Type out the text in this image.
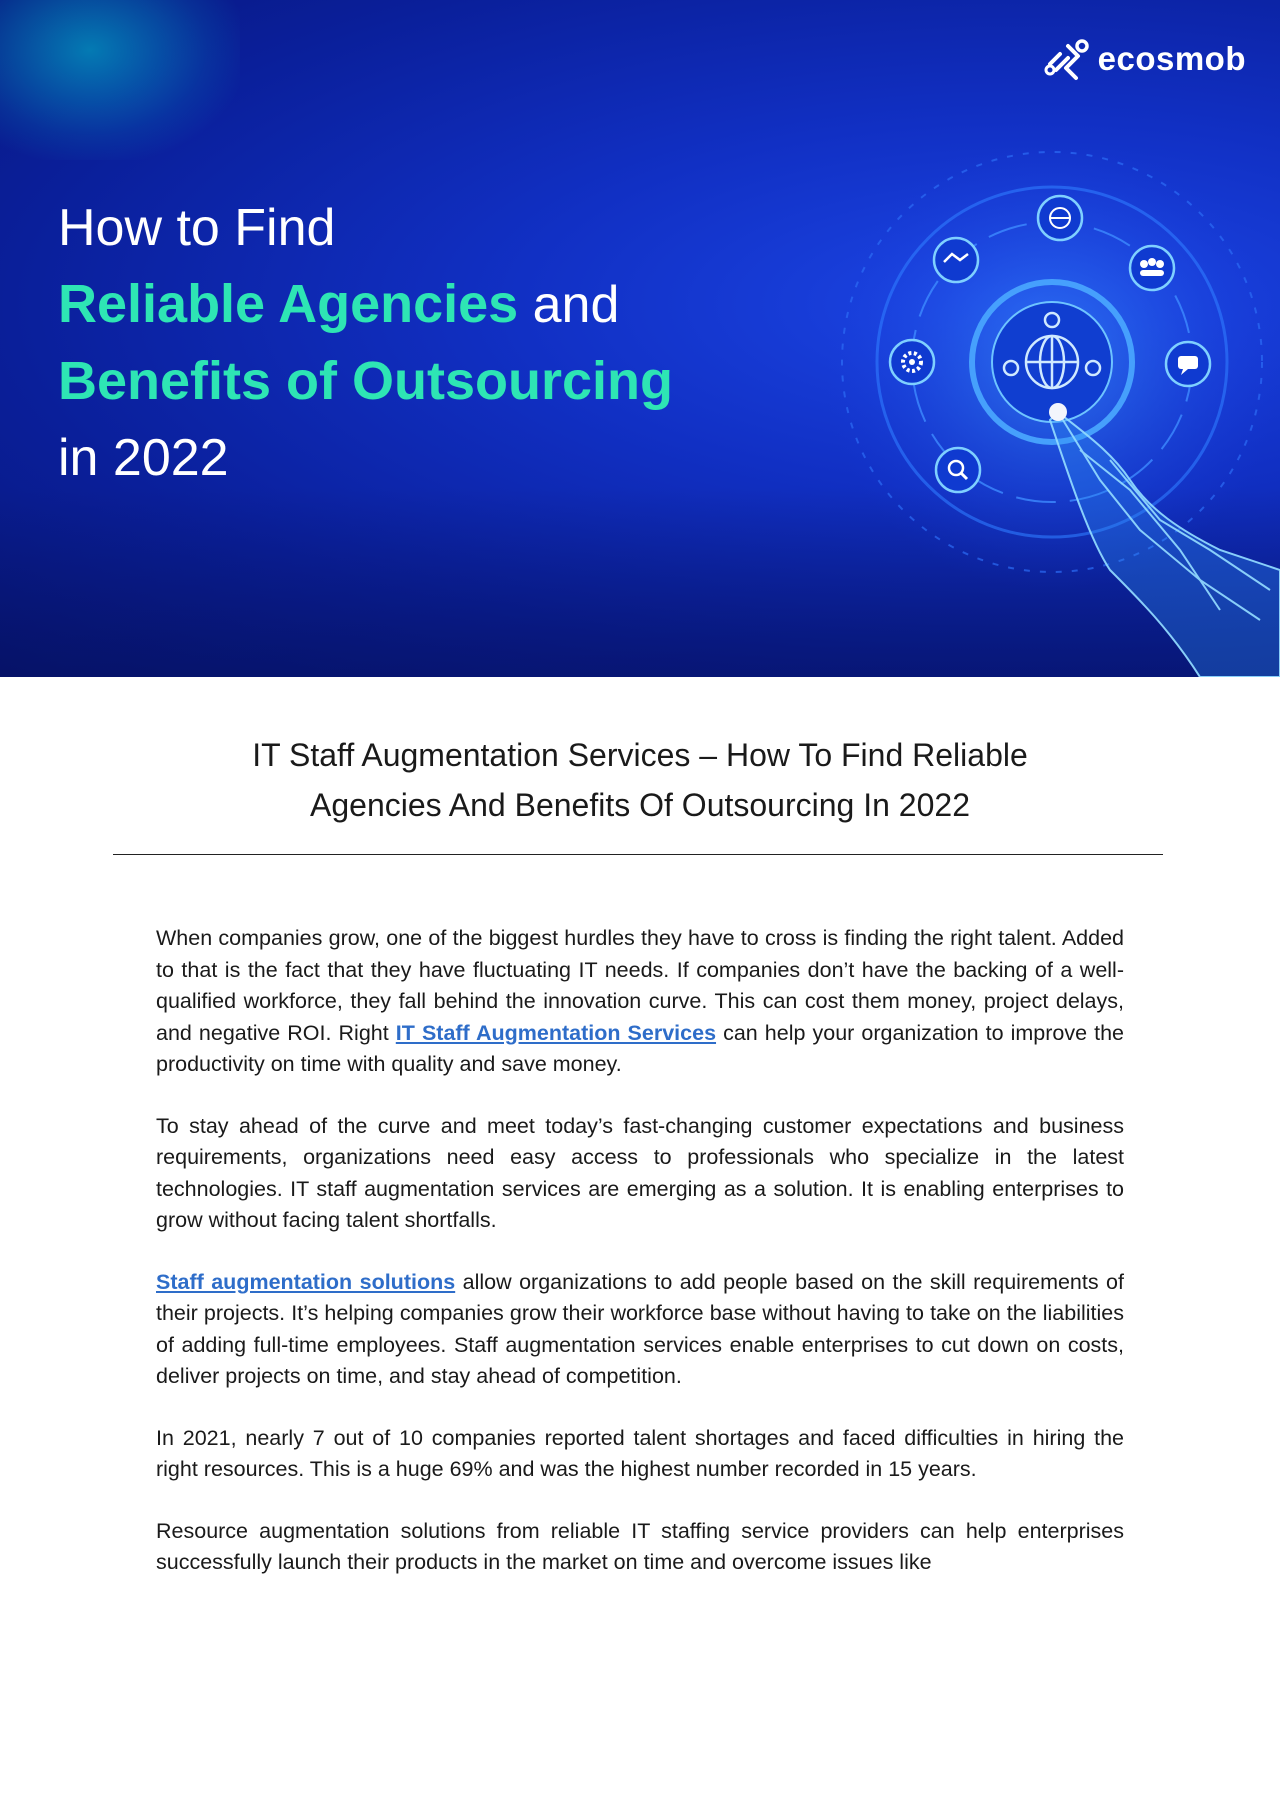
ecosmob
How to Find
Reliable Agencies and
Benefits of Outsourcing
in 2022
IT Staff Augmentation Services – How To Find Reliable
Agencies And Benefits Of Outsourcing In 2022

When companies grow, one of the biggest hurdles they have to cross is finding the right talent. Added to that is the fact that they have fluctuating IT needs. If companies don’t have the backing of a well-qualified workforce, they fall behind the innovation curve. This can cost them money, project delays, and negative ROI. Right IT Staff Augmentation Services can help your organization to improve the productivity on time with quality and save money.

To stay ahead of the curve and meet today’s fast-changing customer expectations and business requirements, organizations need easy access to professionals who specialize in the latest technologies. IT staff augmentation services are emerging as a solution. It is enabling enterprises to grow without facing talent shortfalls.

Staff augmentation solutions allow organizations to add people based on the skill requirements of their projects. It’s helping companies grow their workforce base without having to take on the liabilities of adding full-time employees. Staff augmentation services enable enterprises to cut down on costs, deliver projects on time, and stay ahead of competition.

In 2021, nearly 7 out of 10 companies reported talent shortages and faced difficulties in hiring the right resources. This is a huge 69% and was the highest number recorded in 15 years.

Resource augmentation solutions from reliable IT staffing service providers can help enterprises successfully launch their products in the market on time and overcome issues like
